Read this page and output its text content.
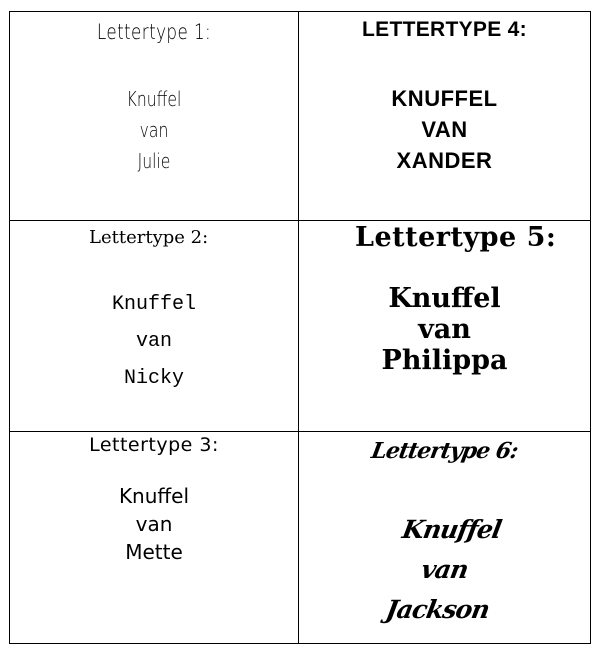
Lettertype 1:
Knuffel
van
Julie
LETTERTYPE 4:
KNUFFEL
VAN
XANDER
Lettertype 2:
Knuffel
van
Nicky
Lettertype 5:
Knuffel
van
Philippa
Lettertype 3:
Knuffel
van
Mette
Lettertype 6:
Knuffel
van
Jackson
